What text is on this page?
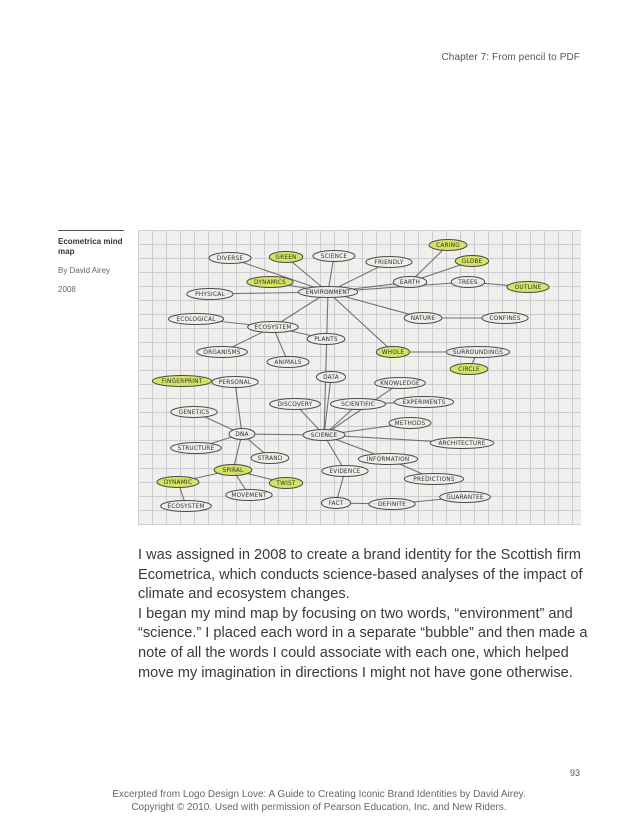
Chapter 7: From pencil to PDF
Ecometrica mind map
By David Airey
2008
DIVERSE	GREEN	SCIENCE
FRIENDLY
CARING
GLOBE
DYNAMICS
ENVIRONMENT
EARTH	TREES
OUTLINE
PHYSICAL
ECOLOGICAL
ECOSYSTEM
NATURE	CONFINES
PLANTS
ORGANISMS	WHOLE	SURROUNDINGS
ANIMALS
CIRCLE
DATA
FINGERPRINT	PERSONAL	KNOWLEDGE
DISCOVERY	SCIENTIFIC	EXPERIMENTS
GENETICS
METHODS
DNA	SCIENCE
ARCHITECTURE
STRUCTURE
STRAND	INFORMATION
SPIRAL	EVIDENCE
PREDICTIONS
DYNAMIC	TWIST
MOVEMENT
FACT	DEFINITE
GUARANTEE
ECOSYSTEM

I was assigned in 2008 to create a brand identity for the Scottish firm Ecometrica, which conducts science-based analyses of the impact of climate and ecosystem changes.

I began my mind map by focusing on two words, “environment” and “science.” I placed each word in a separate “bubble” and then made a note of all the words I could associate with each one, which helped move my imagination in directions I might not have gone otherwise.

93

Excerpted from Logo Design Love: A Guide to Creating Iconic Brand Identities by David Airey.

Copyright © 2010. Used with permission of Pearson Education, Inc. and New Riders.
